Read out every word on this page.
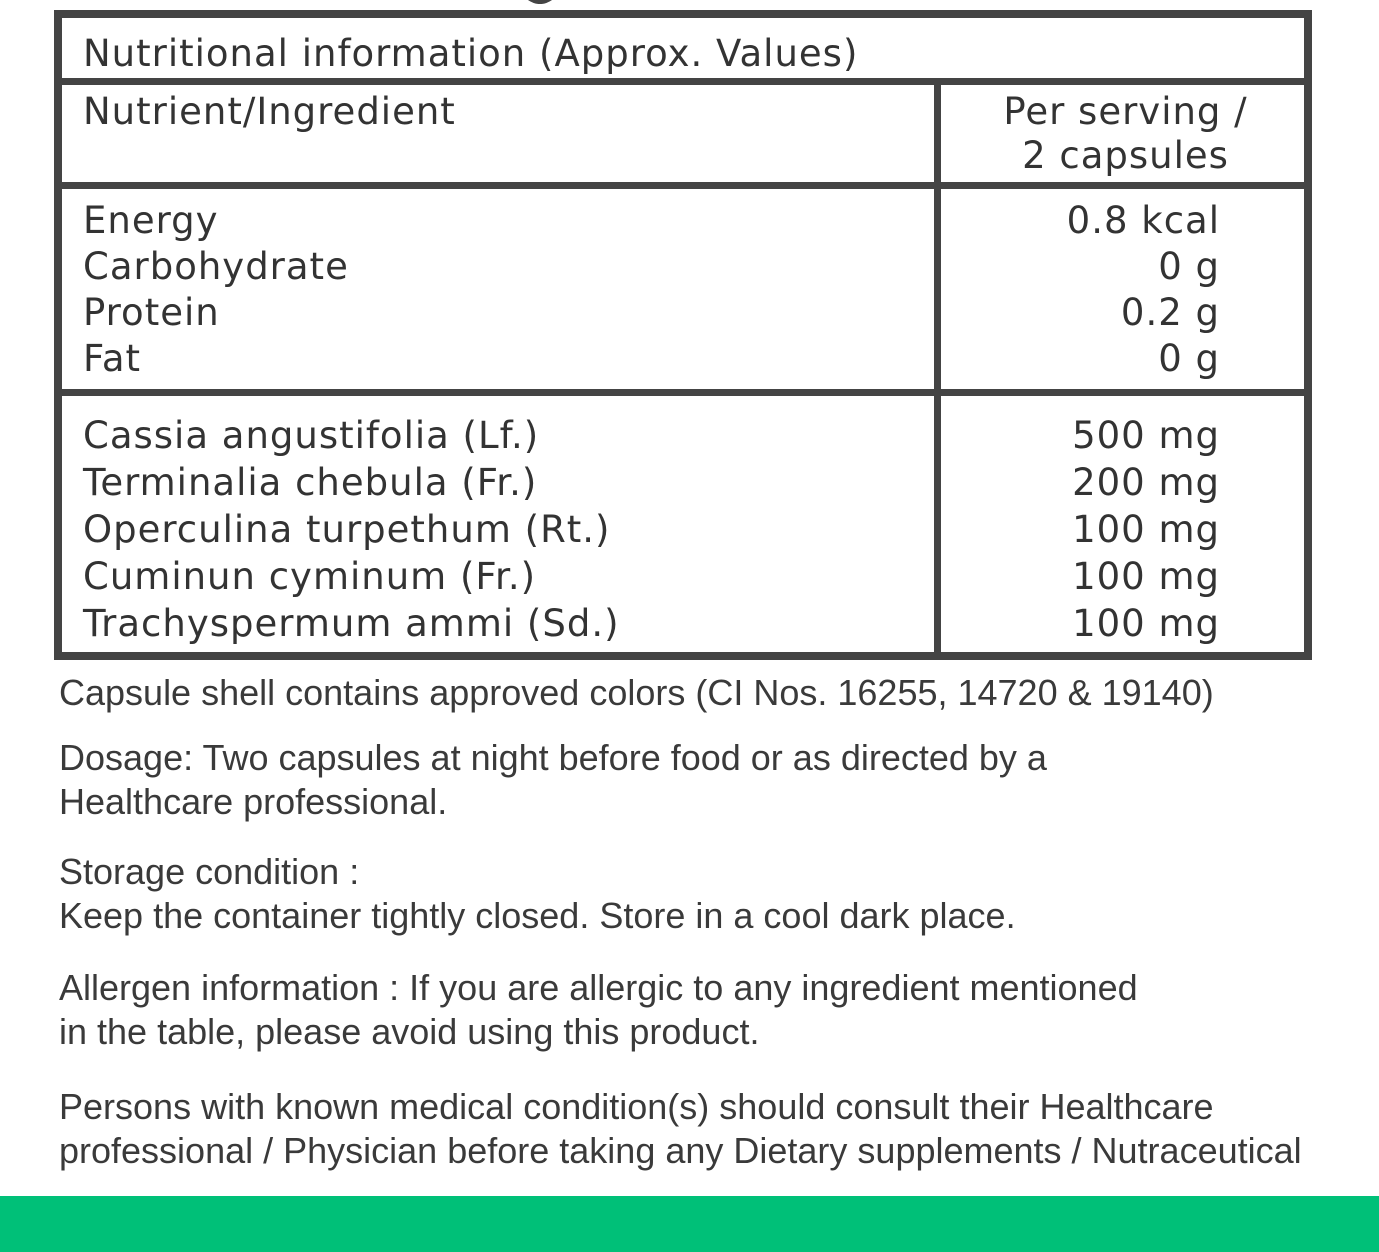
Nutritional information (Approx. Values)
Nutrient/Ingredient	Per serving /
2 capsules
Energy
Carbohydrate
Protein
Fat
0.8 kcal
0 g
0.2 g
0 g
Cassia angustifolia (Lf.)
Terminalia chebula (Fr.)
Operculina turpethum (Rt.)
Cuminun cyminum (Fr.)
Trachyspermum ammi (Sd.)
500 mg
200 mg
100 mg
100 mg
100 mg
Capsule shell contains approved colors (CI Nos. 16255, 14720 & 19140)
Dosage: Two capsules at night before food or as directed by a
Healthcare professional.
Storage condition :
Keep the container tightly closed. Store in a cool dark place.
Allergen information : If you are allergic to any ingredient mentioned
in the table, please avoid using this product.
Persons with known medical condition(s) should consult their Healthcare
professional / Physician before taking any Dietary supplements / Nutraceutical
